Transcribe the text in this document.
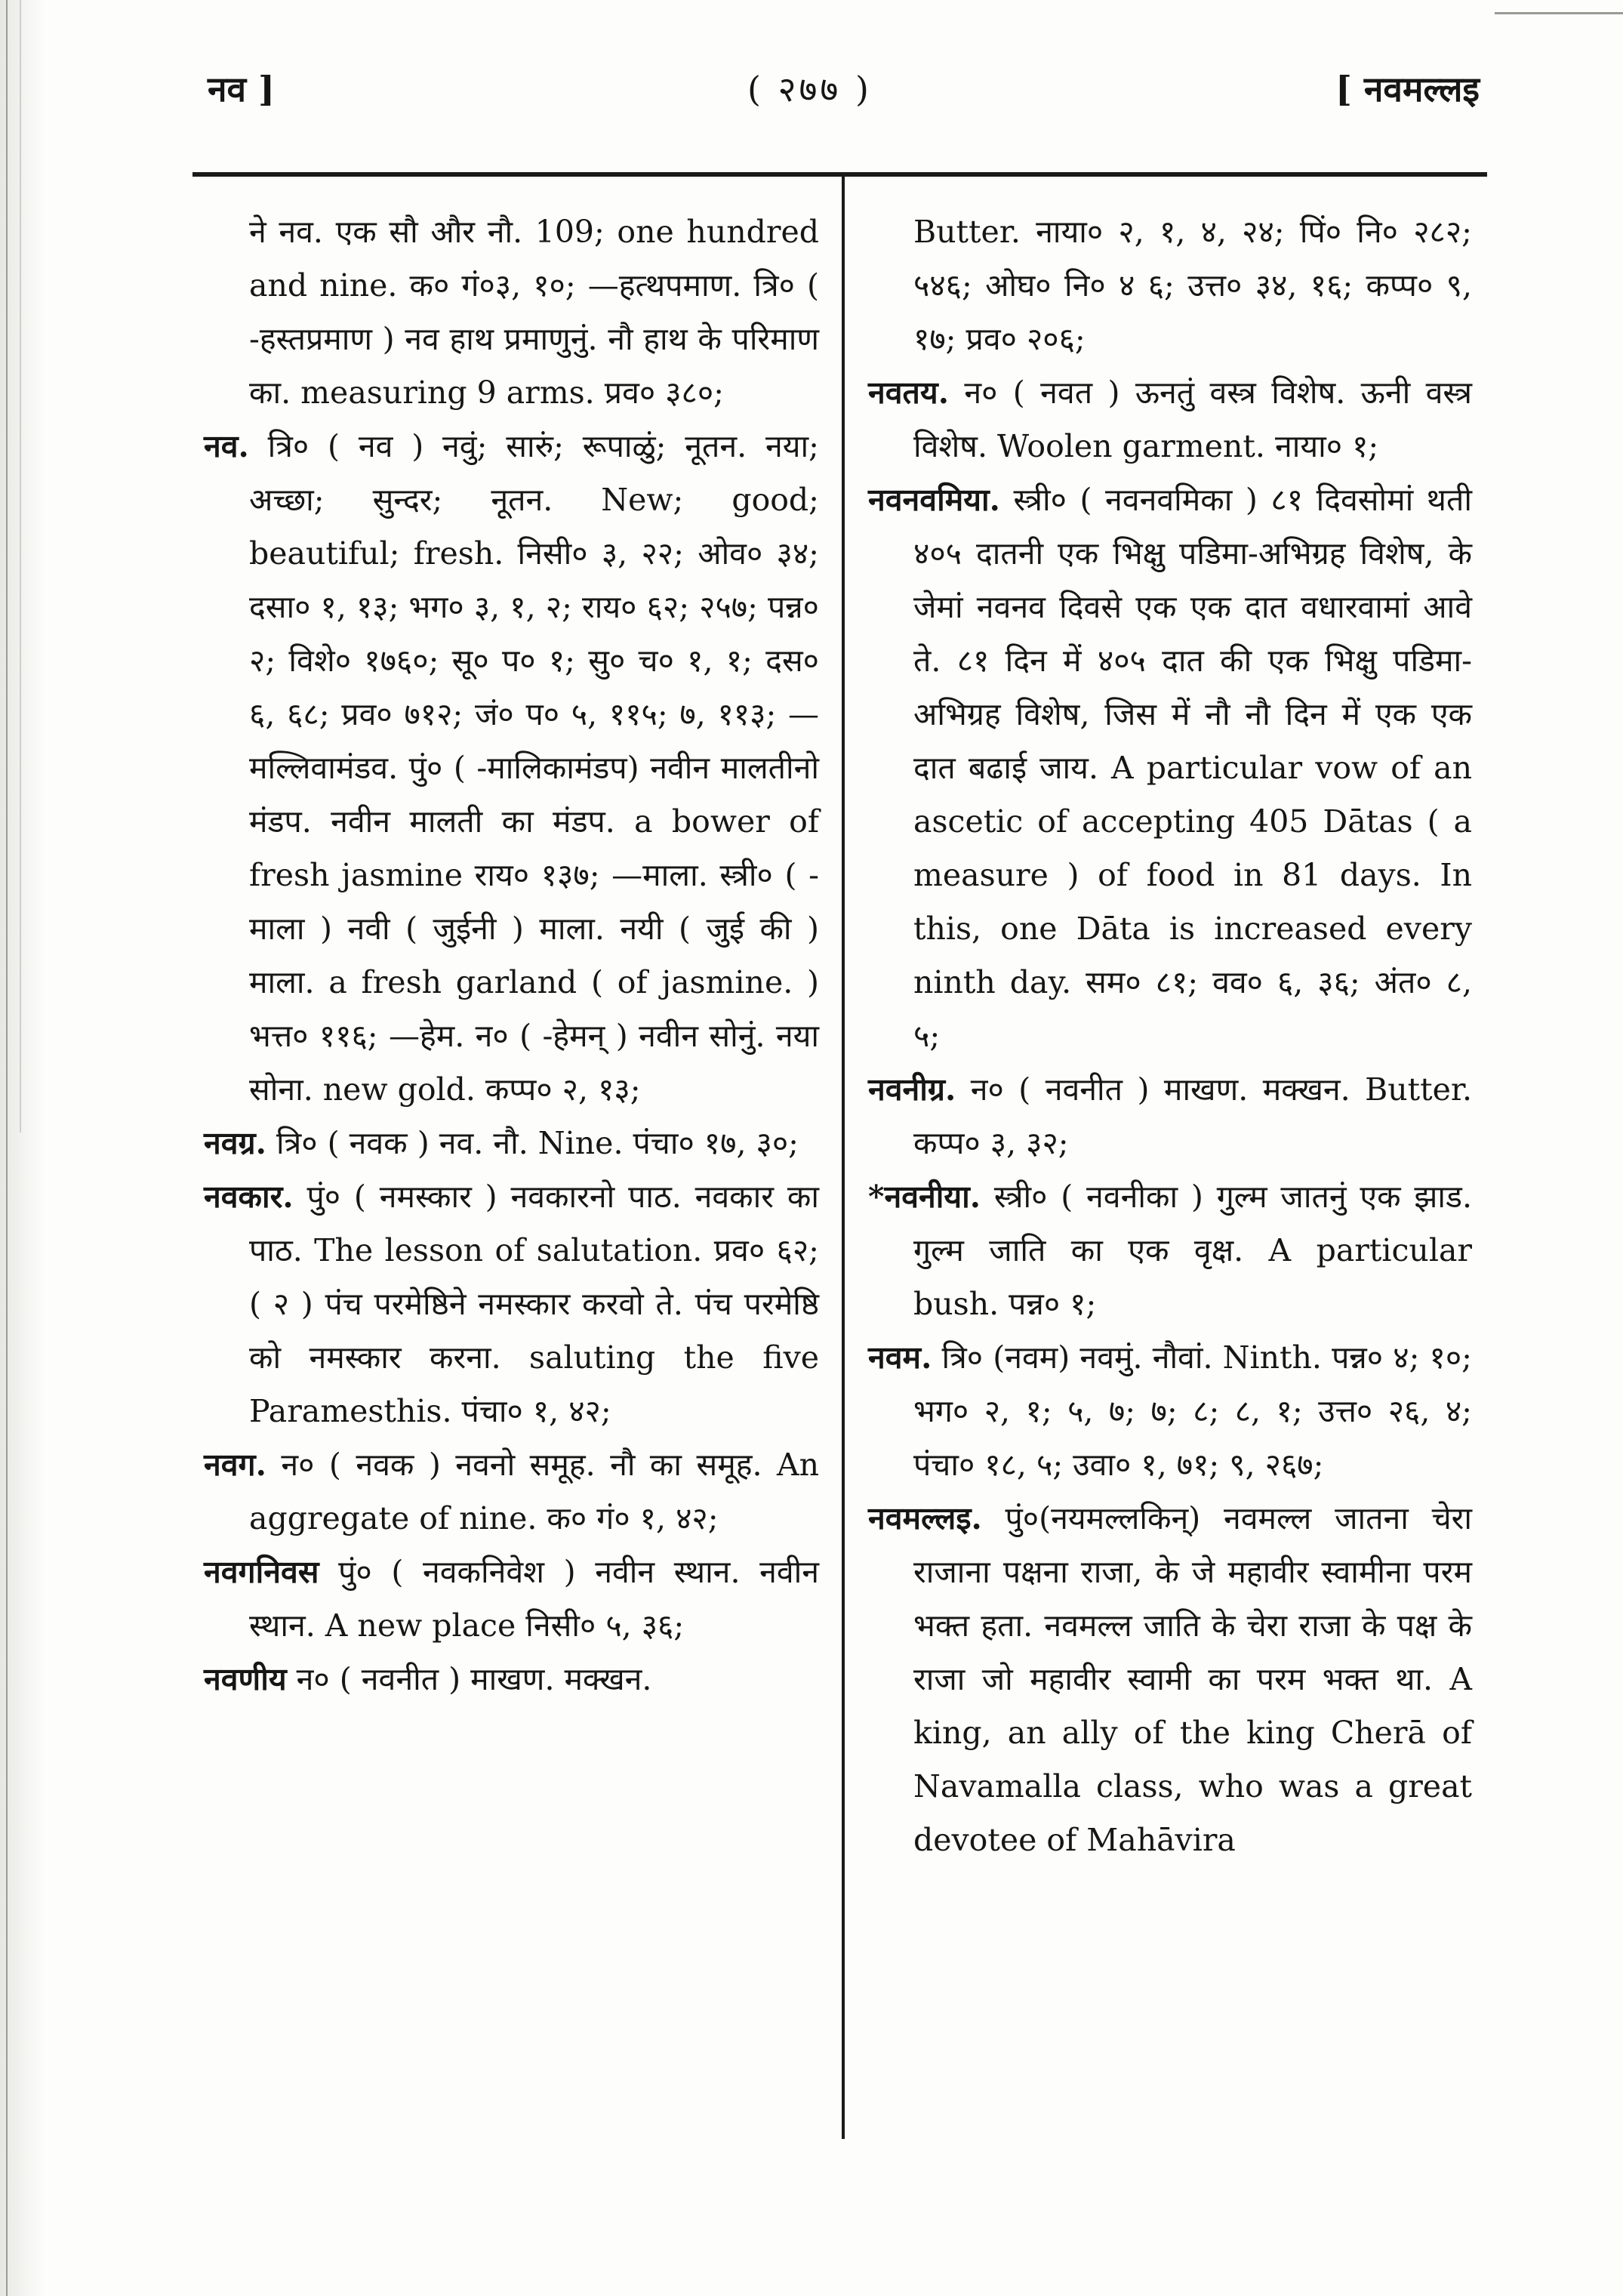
नव ]	( २७७ )	[ नवमल्लइ

ने नव. एक सौ और नौ. 109; one hundred and nine. क० गं०३, १०; —हत्थपमाण. त्रि० ( -हस्तप्रमाण ) नव हाथ प्रमाणुनुं. नौ हाथ के परिमाण का. measuring 9 arms. प्रव० ३८०;

नव. त्रि० ( नव ) नवुं; सारुं; रूपाळुं; नूतन. नया; अच्छा; सुन्दर; नूतन. New; good; beautiful; fresh. निसी० ३, २२; ओव० ३४; दसा० १, १३; भग० ३, १, २; राय० ६२; २५७; पन्न० २; विशे० १७६०; सू० प० १; सु० च० १, १; दस० ६, ६८; प्रव० ७१२; जं० प० ५, ११५; ७, ११३; —मल्लिवामंडव. पुं० ( -मालिकामंडप) नवीन मालतीनो मंडप. नवीन मालती का मंडप. a bower of fresh jasmine राय० १३७; —माला. स्त्री० ( -माला ) नवी ( जुईनी ) माला. नयी ( जुई की ) माला. a fresh garland ( of jasmine. ) भत्त० ११६; —हेम. न० ( -हेमन् ) नवीन सोनुं. नया सोना. new gold. कप्प० २, १३;

नवग्र. त्रि० ( नवक ) नव. नौ. Nine. पंचा० १७, ३०;

नवकार. पुं० ( नमस्कार ) नवकारनो पाठ. नवकार का पाठ. The lesson of salutation. प्रव० ६२; ( २ ) पंच परमेष्ठिने नमस्कार करवो ते. पंच परमेष्ठि को नमस्कार करना. saluting the five Paramesthis. पंचा० १, ४२;

नवग. न० ( नवक ) नवनो समूह. नौ का समूह. An aggregate of nine. क० गं० १, ४२;

नवगनिवस पुं० ( नवकनिवेश ) नवीन स्थान. नवीन स्थान. A new place निसी० ५, ३६;

नवणीय न० ( नवनीत ) माखण. मक्खन.

Butter. नाया० २, १, ४, २४; पिं० नि० २८२; ५४६; ओघ० नि० ४ ६; उत्त० ३४, १६; कप्प० ९, १७; प्रव० २०६;

नवतय. न० ( नवत ) ऊनतुं वस्त्र विशेष. ऊनी वस्त्र विशेष. Woolen garment. नाया० १;

नवनवमिया. स्त्री० ( नवनवमिका ) ८१ दिवसोमां थती ४०५ दातनी एक भिक्षु पडिमा-अभिग्रह विशेष, के जेमां नवनव दिवसे एक एक दात वधारवामां आवे ते. ८१ दिन में ४०५ दात की एक भिक्षु पडिमा-अभिग्रह विशेष, जिस में नौ नौ दिन में एक एक दात बढाई जाय. A particular vow of an ascetic of accepting 405 Dātas ( a measure ) of food in 81 days. In this, one Dāta is increased every ninth day. सम० ८१; वव० ६, ३६; अंत० ८, ५;

नवनीग्र. न० ( नवनीत ) माखण. मक्खन. Butter. कप्प० ३, ३२;

*नवनीया. स्त्री० ( नवनीका ) गुल्म जातनुं एक झाड. गुल्म जाति का एक वृक्ष. A particular bush. पन्न० १;

नवम. त्रि० (नवम) नवमुं. नौवां. Ninth. पन्न० ४; १०; भग० २, १; ५, ७; ७; ८; ८, १; उत्त० २६, ४; पंचा० १८, ५; उवा० १, ७१; ९, २६७;

नवमल्लइ. पुं०(नयमल्लकिन्) नवमल्ल जातना चेरा राजाना पक्षना राजा, के जे महावीर स्वामीना परम भक्त हता. नवमल्ल जाति के चेरा राजा के पक्ष के राजा जो महावीर स्वामी का परम भक्त था. A king, an ally of the king Cherā of Navamalla class, who was a great devotee of Mahāvira
